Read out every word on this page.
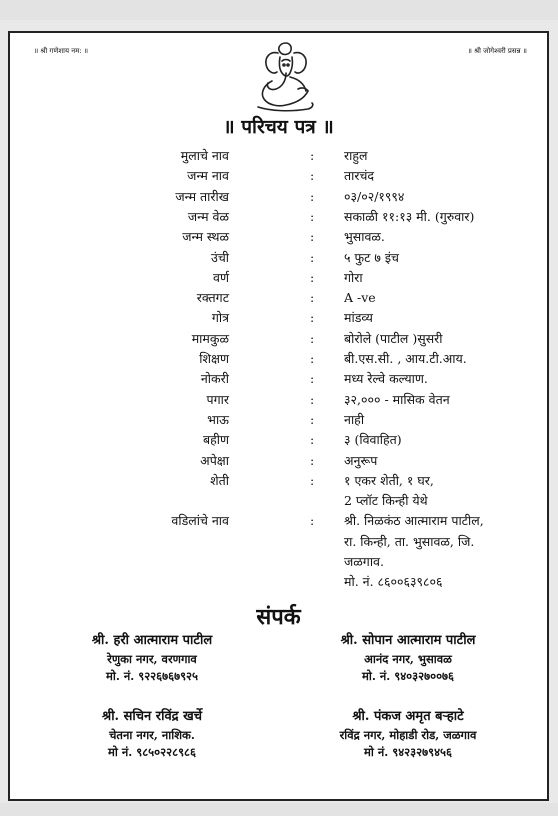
॥ श्री गणेशाय नम: ॥	॥ श्री जोगेश्वरी प्रसन्न ॥
॥ परिचय पत्र ॥
मुलाचे नाव	: राहुल
जन्म नाव	: तारचंद
जन्म तारीख	: ०३/०२/१९९४
जन्म वेळ	: सकाळी ११:१३ मी. (गुरुवार)
जन्म स्थळ	: भुसावळ.
उंची	: ५ फुट ७ इंच
वर्ण	: गोरा
रक्तगट	: A -ve
गोत्र	: मांडव्य
मामकुळ	: बोरोले (पाटील )सुसरी
शिक्षण	: बी.एस.सी. , आय.टी.आय.
नोकरी	: मध्य रेल्वे कल्याण.
पगार	: ३२,००० - मासिक वेतन
भाऊ	: नाही
बहीण	: ३ (विवाहित)
अपेक्षा	: अनुरूप
शेती	: १ एकर शेती, १ घर,
2 प्लॉट किन्ही येथे
वडिलांचे नाव	: श्री. निळकंठ आत्माराम पाटील,
रा. किन्ही, ता. भुसावळ, जि.
जळगाव.
मो. नं. ८६००६३९८०६
संपर्क
श्री. हरी आत्माराम पाटील
रेणुका नगर, वरणगाव
मो. नं. ९२२६७६७९२५
श्री. सोपान आत्माराम पाटील
आनंद नगर, भुसावळ
मो. नं. ९४०३२७००७६
श्री. सचिन रविंद्र खर्चे
चेतना नगर, नाशिक.
मो नं. ९८५०२२८९८६
श्री. पंकज अमृत बऱ्हाटे
रविंद्र नगर, मोहाडी रोड, जळगाव
मो नं. ९४२३२७९४५६
